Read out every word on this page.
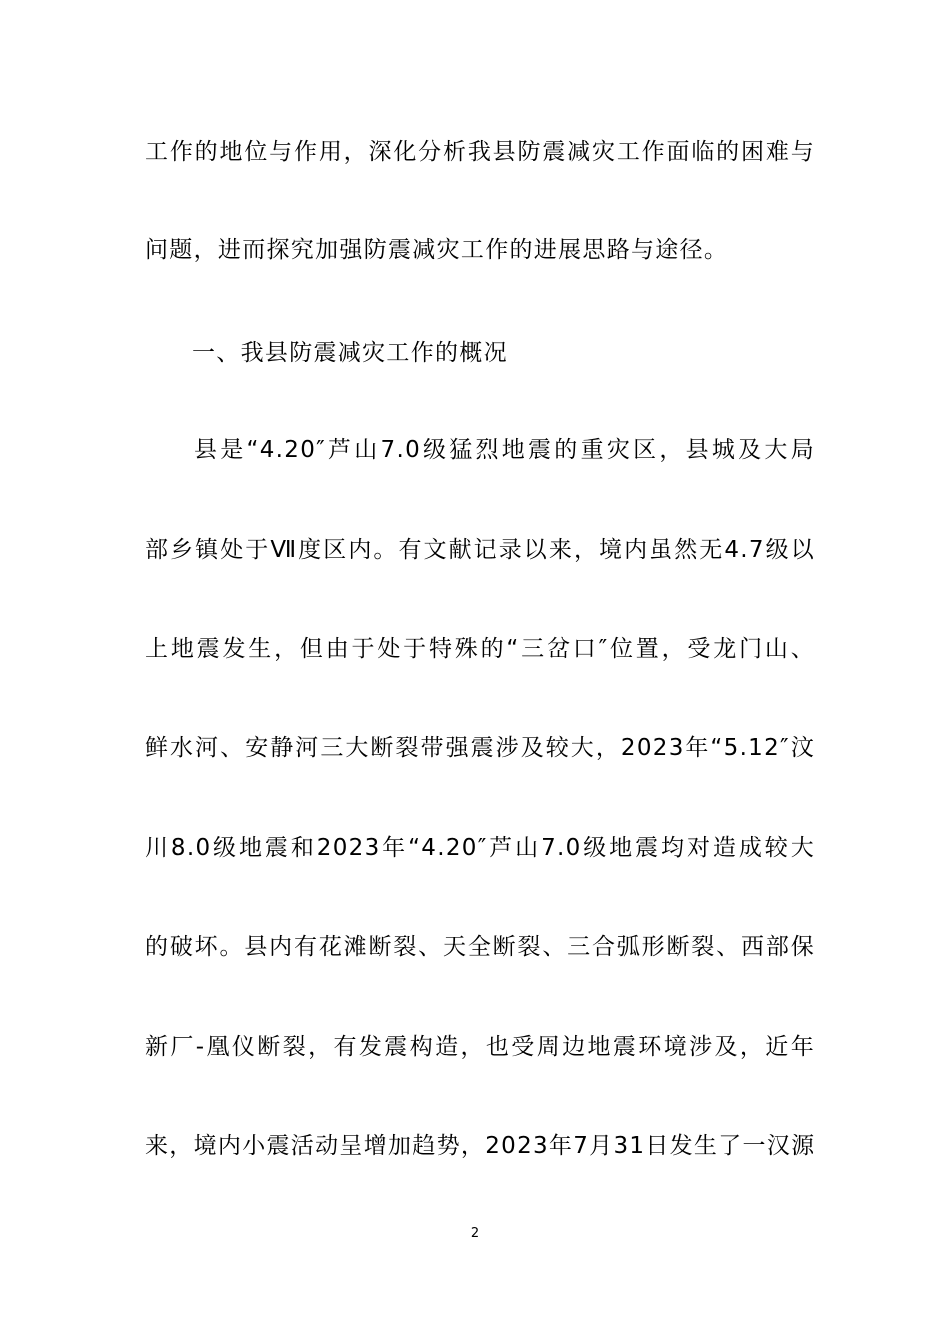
工作的地位与作用，深化分析我县防震减灾工作面临的困难与
问题，进而探究加强防震减灾工作的进展思路与途径。
一、我县防震减灾工作的概况
县是“4.20″芦山7.0级猛烈地震的重灾区，县城及大局
部乡镇处于Ⅶ度区内。有文献记录以来，境内虽然无4.7级以
上地震发生，但由于处于特殊的“三岔口″位置，受龙门山、
鲜水河、安静河三大断裂带强震涉及较大，2023年“5.12″汶
川8.0级地震和2023年“4.20″芦山7.0级地震均对造成较大
的破坏。县内有花滩断裂、天全断裂、三合弧形断裂、西部保
新厂-凰仪断裂，有发震构造，也受周边地震环境涉及，近年
来，境内小震活动呈增加趋势，2023年7月31日发生了一汉源
2
